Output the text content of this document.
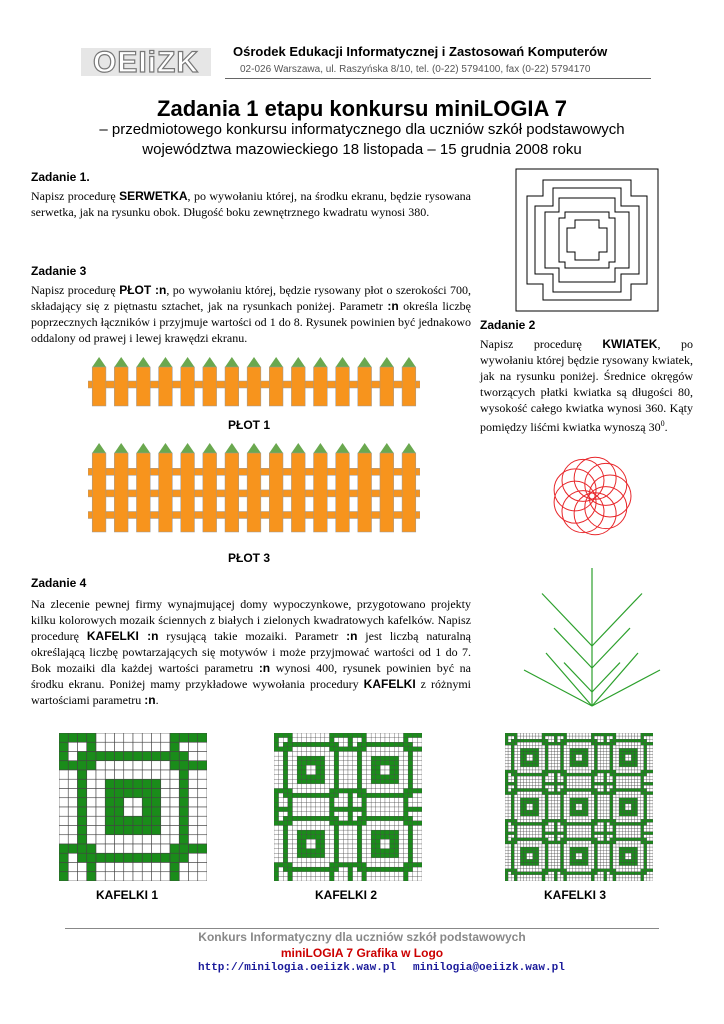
OEIiZK	Ośrodek Edukacji Informatycznej i Zastosowań Komputerów
02-026 Warszawa, ul. Raszyńska 8/10, tel. (0-22) 5794100, fax (0-22) 5794170
Zadania 1 etapu konkursu miniLOGIA 7
– przedmiotowego konkursu informatycznego dla uczniów szkół podstawowych
województwa mazowieckiego 18 listopada – 15 grudnia 2008 roku
Zadanie 1.
Napisz procedurę SERWETKA, po wywołaniu której, na środku ekranu, będzie rysowana serwetka, jak na rysunku obok. Długość boku zewnętrznego kwadratu wynosi 380.
Zadanie 3
Napisz procedurę PŁOT :n, po wywołaniu której, będzie rysowany płot o szerokości 700, składający się z piętnastu sztachet, jak na rysunkach poniżej. Parametr :n określa liczbę poprzecznych łączników i przyjmuje wartości od 1 do 8. Rysunek powinien być jednakowo oddalony od prawej i lewej krawędzi ekranu.
PŁOT 1
PŁOT 3
Zadanie 2
Napisz procedurę KWIATEK, po wywołaniu której będzie rysowany kwiatek, jak na rysunku poniżej. Średnice okręgów tworzących płatki kwiatka są długości 80, wysokość całego kwiatka wynosi 360. Kąty pomiędzy liśćmi kwiatka wynoszą $30^0$.
Zadanie 4
Na zlecenie pewnej firmy wynajmującej domy wypoczynkowe, przygotowano projekty kilku kolorowych mozaik ściennych z białych i zielonych kwadratowych kafelków. Napisz procedurę KAFELKI :n rysującą takie mozaiki. Parametr :n jest liczbą naturalną określającą liczbę powtarzających się motywów i może przyjmować wartości od 1 do 7. Bok mozaiki dla każdej wartości parametru :n wynosi 400, rysunek powinien być na środku ekranu. Poniżej mamy przykładowe wywołania procedury KAFELKI z różnymi wartościami parametru :n.
KAFELKI 1	KAFELKI 2	KAFELKI 3
Konkurs Informatyczny dla uczniów szkół podstawowych
miniLOGIA 7 Grafika w Logo
http://minilogia.oeiizk.waw.pl minilogia@oeiizk.waw.pl
